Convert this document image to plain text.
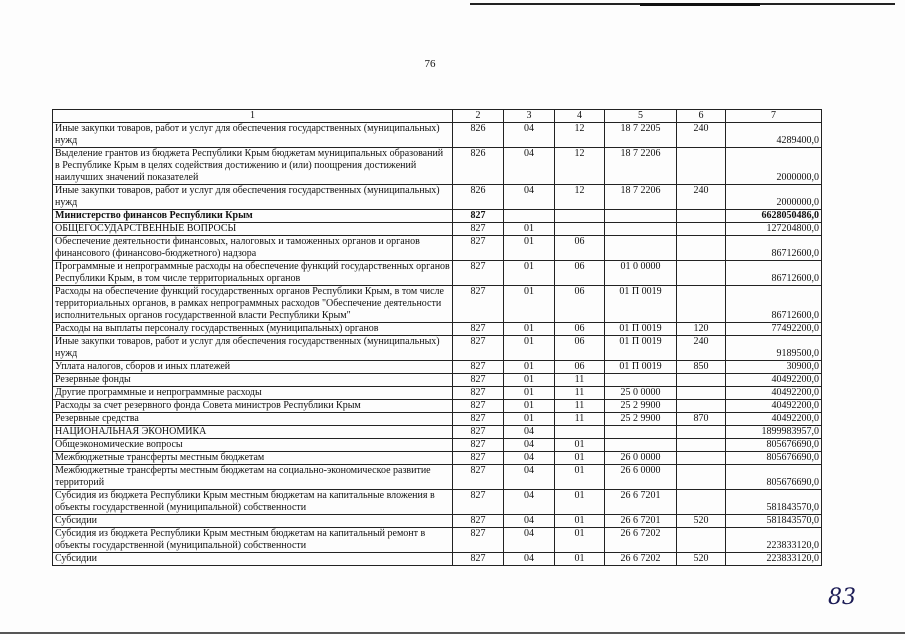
76
1	2	3	4	5	6	7
Иные закупки товаров, работ и услуг для обеспечения государственных (муниципальных) нужд	826	04	12	18 7 2205	240	4289400,0
Выделение грантов из бюджета Республики Крым бюджетам муниципальных образований в Республике Крым в целях содействия достижению и (или) поощрения достижений наилучших значений показателей	826	04	12	18 7 2206		2000000,0
Иные закупки товаров, работ и услуг для обеспечения государственных (муниципальных) нужд	826	04	12	18 7 2206	240	2000000,0
Министерство финансов Республики Крым	827					6628050486,0
ОБЩЕГОСУДАРСТВЕННЫЕ ВОПРОСЫ	827	01				127204800,0
Обеспечение деятельности финансовых, налоговых и таможенных органов и органов финансового (финансово-бюджетного) надзора	827	01	06			86712600,0
Программные и непрограммные расходы на обеспечение функций государственных органов Республики Крым, в том числе территориальных органов	827	01	06	01 0 0000		86712600,0
Расходы на обеспечение функций государственных органов Республики Крым, в том числе территориальных органов, в рамках непрограммных расходов "Обеспечение деятельности исполнительных органов государственной власти Республики Крым"	827	01	06	01 П 0019		86712600,0
Расходы на выплаты персоналу государственных (муниципальных) органов	827	01	06	01 П 0019	120	77492200,0
Иные закупки товаров, работ и услуг для обеспечения государственных (муниципальных) нужд	827	01	06	01 П 0019	240	9189500,0
Уплата налогов, сборов и иных платежей	827	01	06	01 П 0019	850	30900,0
Резервные фонды	827	01	11			40492200,0
Другие программные и непрограммные расходы	827	01	11	25 0 0000		40492200,0
Расходы за счет резервного фонда Совета министров Республики Крым	827	01	11	25 2 9900		40492200,0
Резервные средства	827	01	11	25 2 9900	870	40492200,0
НАЦИОНАЛЬНАЯ ЭКОНОМИКА	827	04				1899983957,0
Общеэкономические вопросы	827	04	01			805676690,0
Межбюджетные трансферты местным бюджетам	827	04	01	26 0 0000		805676690,0
Межбюджетные трансферты местным бюджетам на социально-экономическое развитие территорий	827	04	01	26 6 0000		805676690,0
Субсидия из бюджета Республики Крым местным бюджетам на капитальные вложения в объекты государственной (муниципальной) собственности	827	04	01	26 6 7201		581843570,0
Субсидии	827	04	01	26 6 7201	520	581843570,0
Субсидия из бюджета Республики Крым местным бюджетам на капитальный ремонт в объекты государственной (муниципальной) собственности	827	04	01	26 6 7202		223833120,0
Субсидии	827	04	01	26 6 7202	520	223833120,0
83
